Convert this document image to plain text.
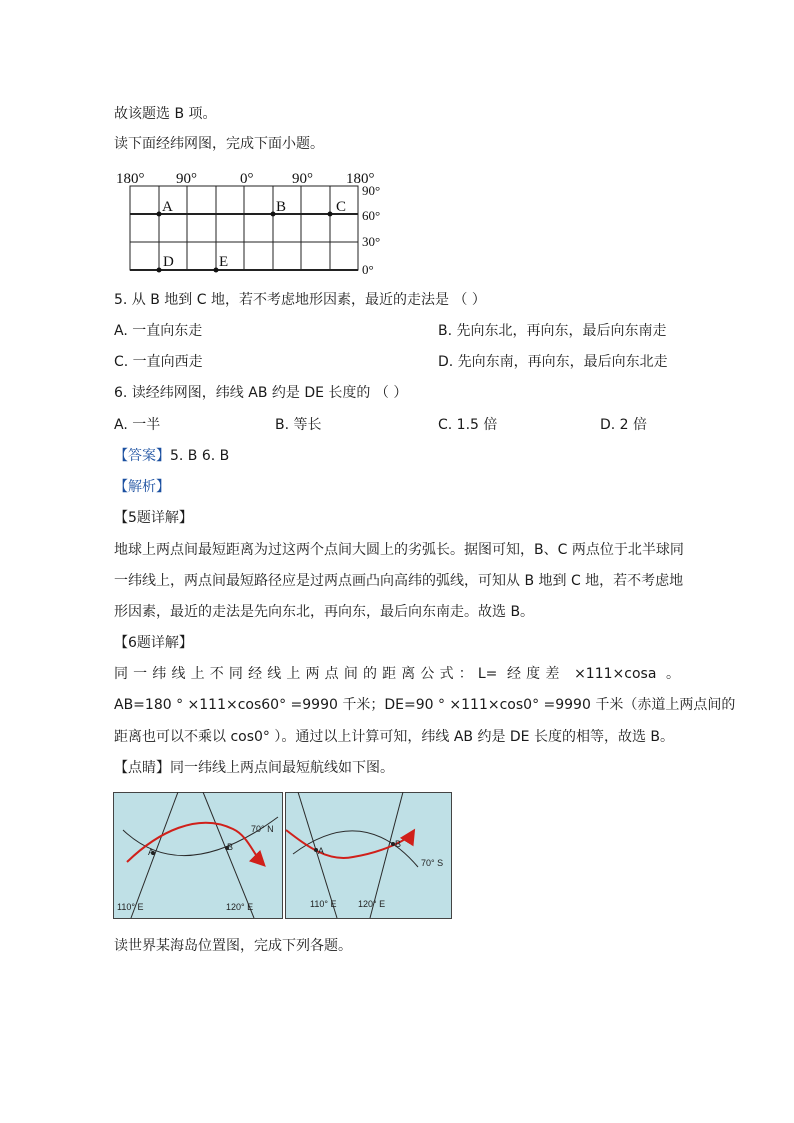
故该题选 B 项。
读下面经纬网图，完成下面小题。
180° 90°	0°	90° 180°
90°
60°
30°
0°
A	B	C
D	E
5. 从 B 地到 C 地，若不考虑地形因素，最近的走法是 （ ）
A. 一直向东走	B. 先向东北，再向东，最后向东南走
C. 一直向西走	D. 先向东南，再向东，最后向东北走
6. 读经纬网图，纬线 AB 约是 DE 长度的 （ ）
A. 一半	B. 等长	C. 1.5 倍	D. 2 倍
【答案】5. B 6. B
【解析】
【5题详解】
地球上两点间最短距离为过这两个点间大圆上的劣弧长。据图可知，B、C 两点位于北半球同
一纬线上，两点间最短路径应是过两点画凸向高纬的弧线，可知从 B 地到 C 地，若不考虑地
形因素，最近的走法是先向东北，再向东，最后向东南走。故选 B。
【6题详解】
同一纬线上不同经线上两点间的距离公式：L= 经度差 ×111×cosa 。
AB=180 ° ×111×cos60° =9990 千米；DE=90 ° ×111×cos0° =9990 千米（赤道上两点间的
距离也可以不乘以 cos0° ）。通过以上计算可知，纬线 AB 约是 DE 长度的相等，故选 B。
【点睛】同一纬线上两点间最短航线如下图。
A	B
70° N
110° E	120° E
A
B
70° S
110° E 120° E
读世界某海岛位置图，完成下列各题。
